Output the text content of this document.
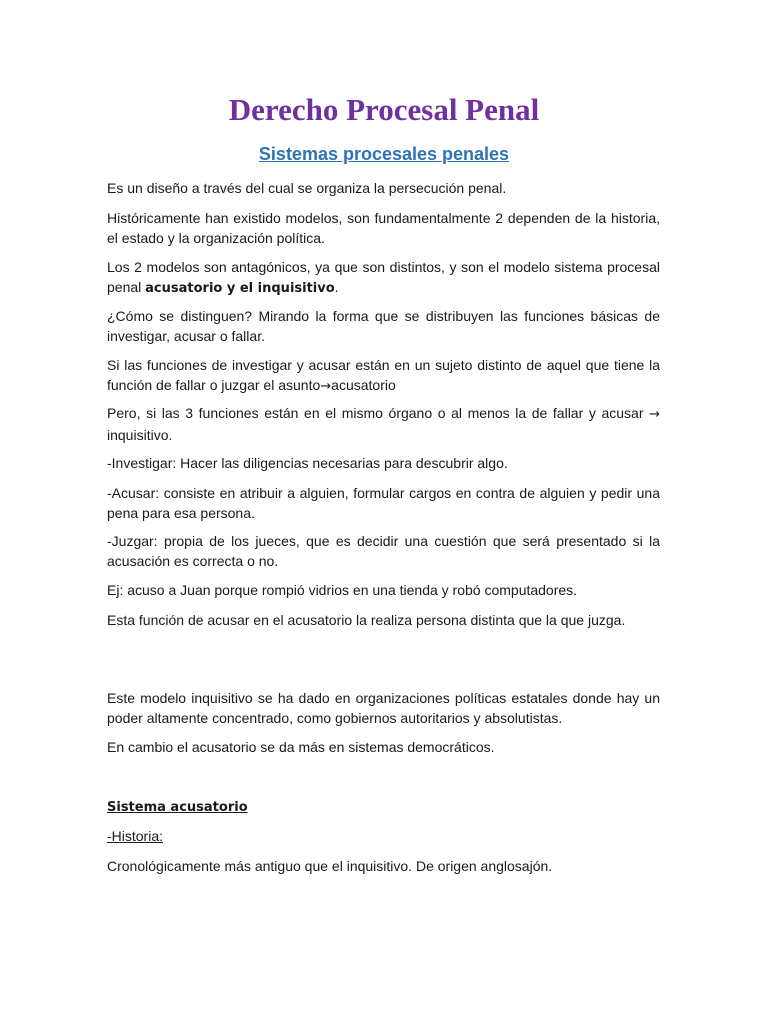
Derecho Procesal Penal
Sistemas procesales penales

Es un diseño a través del cual se organiza la persecución penal.

Históricamente han existido modelos, son fundamentalmente 2 dependen de la historia, el estado y la organización política.

Los 2 modelos son antagónicos, ya que son distintos, y son el modelo sistema procesal penal acusatorio y el inquisitivo.

¿Cómo se distinguen? Mirando la forma que se distribuyen las funciones básicas de investigar, acusar o fallar.

Si las funciones de investigar y acusar están en un sujeto distinto de aquel que tiene la función de fallar o juzgar el asunto→acusatorio

Pero, si las 3 funciones están en el mismo órgano o al menos la de fallar y acusar → inquisitivo.

-Investigar: Hacer las diligencias necesarias para descubrir algo.

-Acusar: consiste en atribuir a alguien, formular cargos en contra de alguien y pedir una pena para esa persona.

-Juzgar: propia de los jueces, que es decidir una cuestión que será presentado si la acusación es correcta o no.

Ej: acuso a Juan porque rompió vidrios en una tienda y robó computadores.

Esta función de acusar en el acusatorio la realiza persona distinta que la que juzga.

Este modelo inquisitivo se ha dado en organizaciones políticas estatales donde hay un poder altamente concentrado, como gobiernos autoritarios y absolutistas.

En cambio el acusatorio se da más en sistemas democráticos.

Sistema acusatorio

-Historia:

Cronológicamente más antiguo que el inquisitivo. De origen anglosajón.
